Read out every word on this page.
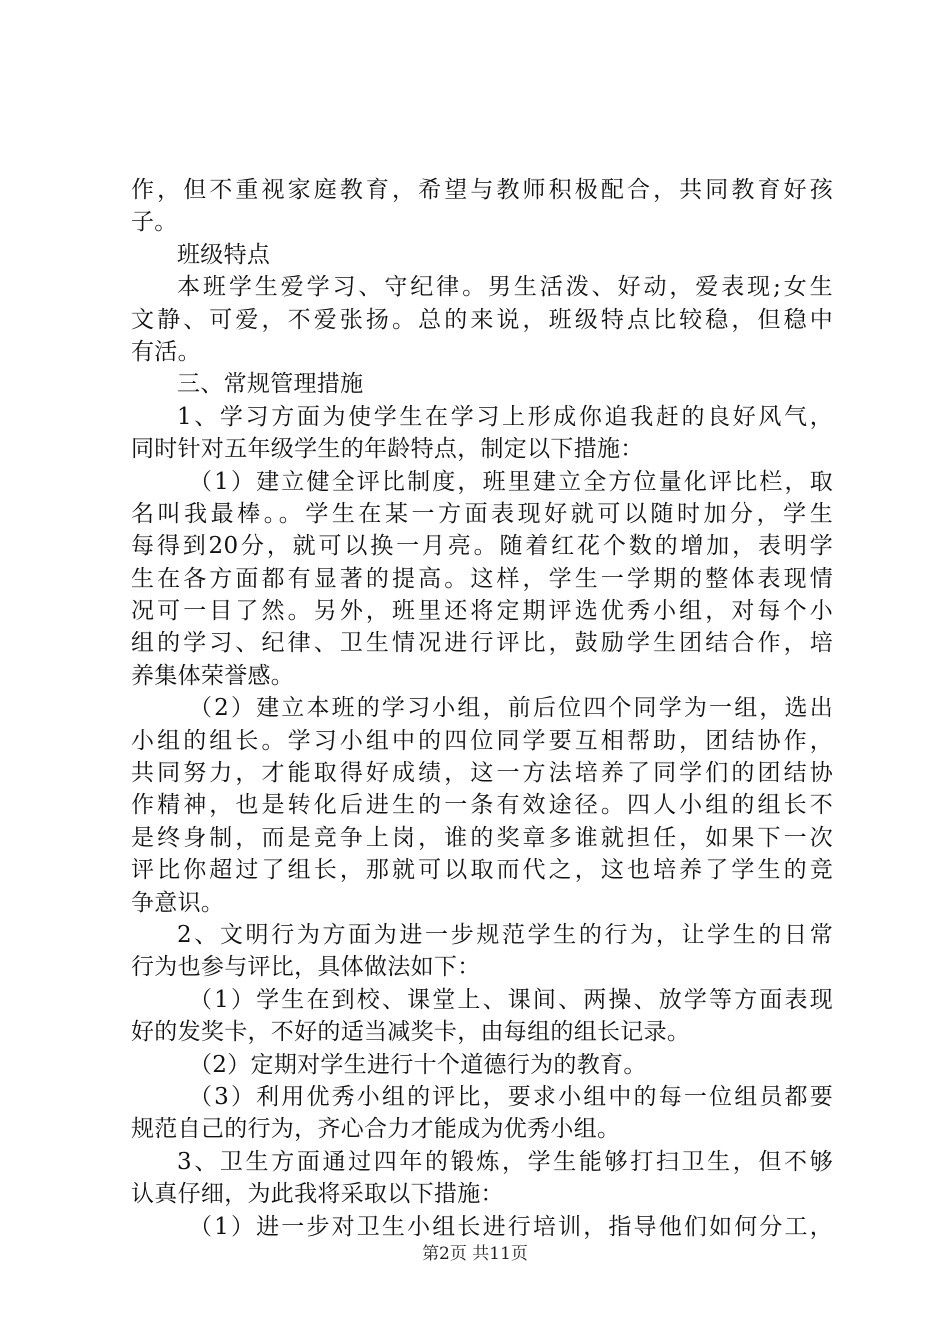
作，但不重视家庭教育，希望与教师积极配合，共同教育好孩
子。
班级特点
本班学生爱学习、守纪律。男生活泼、好动，爱表现;女生
文静、可爱，不爱张扬。总的来说，班级特点比较稳，但稳中
有活。
三、常规管理措施
1、学习方面为使学生在学习上形成你追我赶的良好风气，
同时针对五年级学生的年龄特点，制定以下措施：
（1）建立健全评比制度，班里建立全方位量化评比栏，取
名叫我最棒。。学生在某一方面表现好就可以随时加分，学生
每得到20分，就可以换一月亮。随着红花个数的增加，表明学
生在各方面都有显著的提高。这样，学生一学期的整体表现情
况可一目了然。另外，班里还将定期评选优秀小组，对每个小
组的学习、纪律、卫生情况进行评比，鼓励学生团结合作，培
养集体荣誉感。
（2）建立本班的学习小组，前后位四个同学为一组，选出
小组的组长。学习小组中的四位同学要互相帮助，团结协作，
共同努力，才能取得好成绩，这一方法培养了同学们的团结协
作精神，也是转化后进生的一条有效途径。四人小组的组长不
是终身制，而是竞争上岗，谁的奖章多谁就担任，如果下一次
评比你超过了组长，那就可以取而代之，这也培养了学生的竞
争意识。
2、文明行为方面为进一步规范学生的行为，让学生的日常
行为也参与评比，具体做法如下：
（1）学生在到校、课堂上、课间、两操、放学等方面表现
好的发奖卡，不好的适当减奖卡，由每组的组长记录。
（2）定期对学生进行十个道德行为的教育。
（3）利用优秀小组的评比，要求小组中的每一位组员都要
规范自己的行为，齐心合力才能成为优秀小组。
3、卫生方面通过四年的锻炼，学生能够打扫卫生，但不够
认真仔细，为此我将采取以下措施：
（1）进一步对卫生小组长进行培训，指导他们如何分工，
第2页 共11页
